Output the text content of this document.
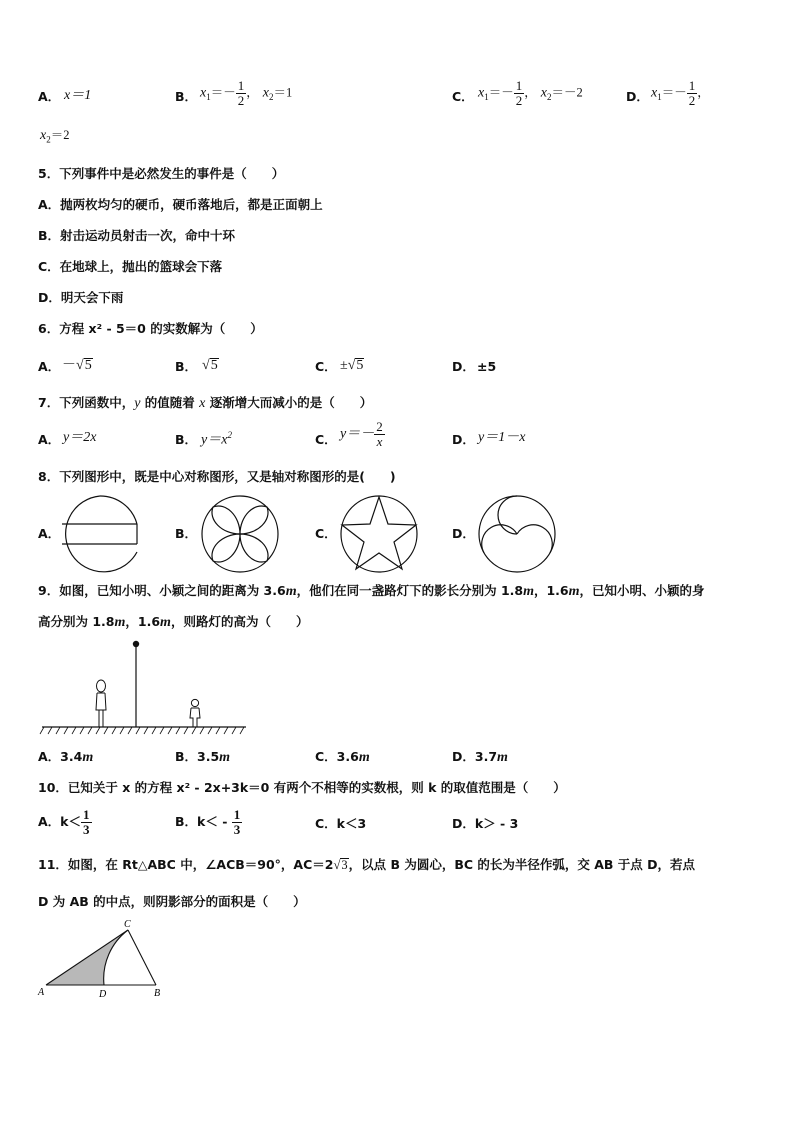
A． x＝1	B． $x_1=- \frac{1}{2}$ ， $x_2=1$	C． $x_1=- \frac{1}{2}$ ， $x_2=-2$	D． $x_1=- \frac{1}{2}$ ，
$x_2=2$
5．下列事件中是必然发生的事件是（　　）
A．抛两枚均匀的硬币，硬币落地后，都是正面朝上
B．射击运动员射击一次，命中十环
C．在地球上，抛出的篮球会下落
D．明天会下雨
6．方程 x² - 5＝0 的实数解为（　　）
A． －√5	B． √5	C． ±√5	D． ±5
7．下列函数中，y 的值随着 x 逐渐增大而减小的是（　　）
A． y＝2x	B． $y=x^2$	C． $y=- \frac{2}{x}$	D． y＝1－x
8．下列图形中，既是中心对称图形，又是轴对称图形的是(　　)
A．	B．	C．	D．
9．如图，已知小明、小颖之间的距离为 3.6m，他们在同一盏路灯下的影长分别为 1.8m，1.6m，已知小明、小颖的身
高分别为 1.8m，1.6m，则路灯的高为（　　）
A．3.4m	B．3.5m	C．3.6m	D．3.7m
10．已知关于 x 的方程 x² - 2x+3k＝0 有两个不相等的实数根，则 k 的取值范围是（　　）
A．$k< \frac{1}{3}$	B．$k< - \frac{1}{3}$	C．k＜3	D．k＞ - 3
11．如图，在 Rt△ABC 中，∠ACB＝90°，AC＝2√3，以点 B 为圆心，BC 的长为半径作弧，交 AB 于点 D，若点
D 为 AB 的中点，则阴影部分的面积是（　　）
C
A	D	B
